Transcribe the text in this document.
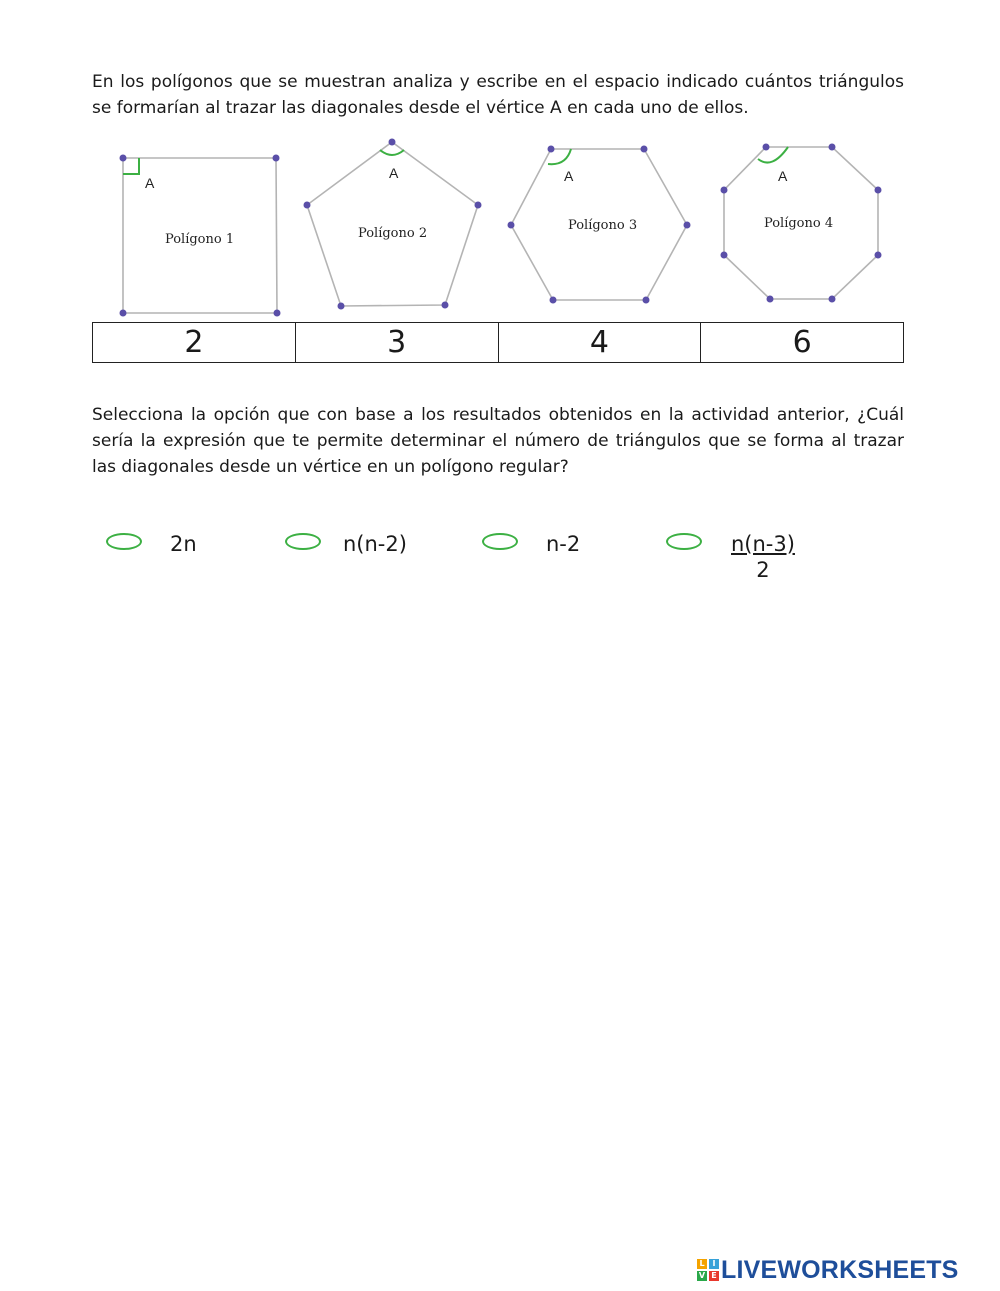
En los polígonos que se muestran analiza y escribe en el espacio indicado cuántos triángulos se formarían al trazar las diagonales desde el vértice A en cada uno de ellos.

A
Polígono 1
A
Polígono 2
A
Polígono 3
A
Polígono 4
2	3	4	6

Selecciona la opción que con base a los resultados obtenidos en la actividad anterior, ¿Cuál sería la expresión que te permite determinar el número de triángulos que se forma al trazar las diagonales desde un vértice en un polígono regular?

2n	n(n-2)	n-2	$\frac{n(n-3)}{2}$
L I
V E LIVEWORKSHEETS
